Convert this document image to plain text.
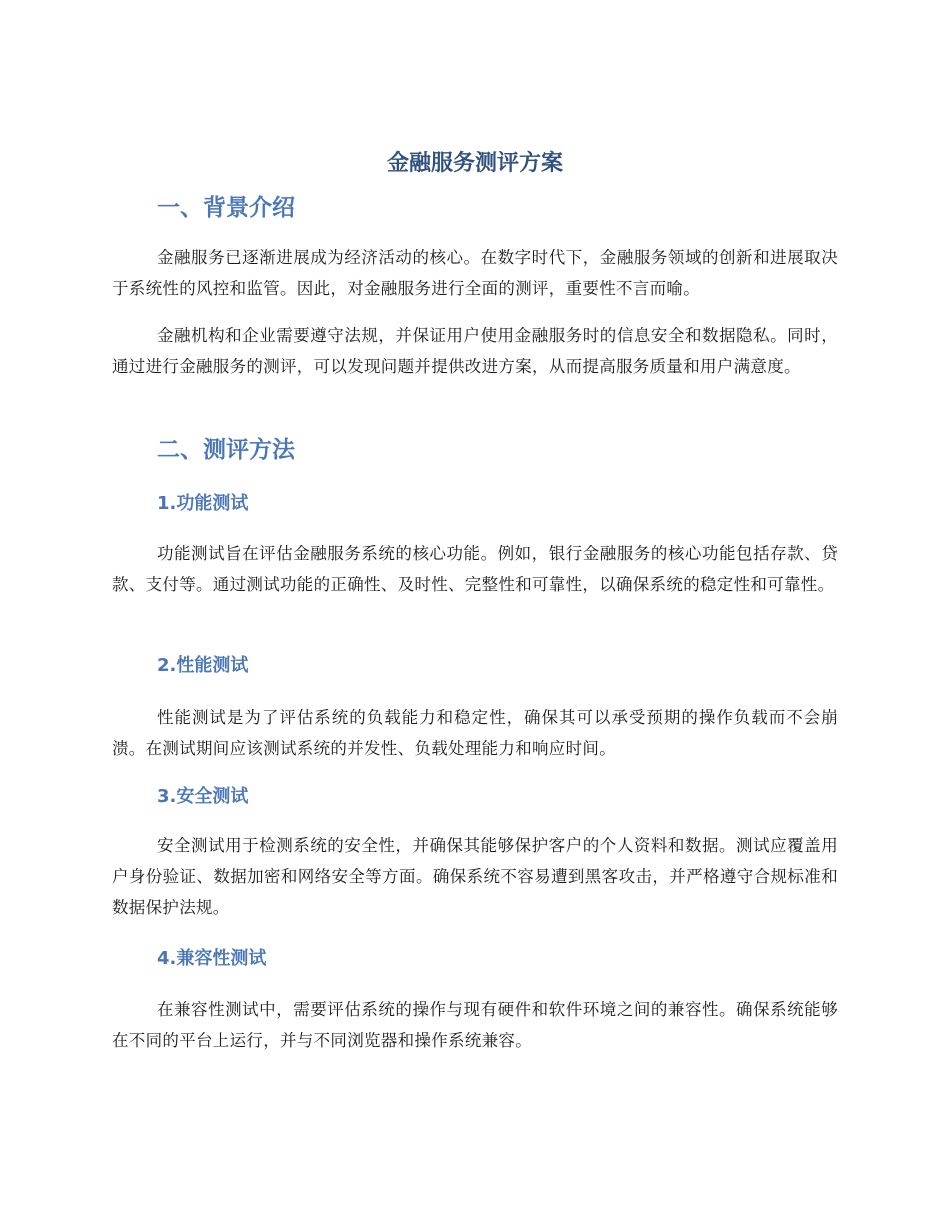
金融服务测评方案
一、背景介绍

金融服务已逐渐进展成为经济活动的核心。在数字时代下，金融服务领域的创新和进展取决于系统性的风控和监管。因此，对金融服务进行全面的测评，重要性不言而喻。

金融机构和企业需要遵守法规，并保证用户使用金融服务时的信息安全和数据隐私。同时，通过进行金融服务的测评，可以发现问题并提供改进方案，从而提高服务质量和用户满意度。

二、测评方法
1.功能测试

功能测试旨在评估金融服务系统的核心功能。例如，银行金融服务的核心功能包括存款、贷款、支付等。通过测试功能的正确性、及时性、完整性和可靠性，以确保系统的稳定性和可靠性。

2.性能测试

性能测试是为了评估系统的负载能力和稳定性，确保其可以承受预期的操作负载而不会崩溃。在测试期间应该测试系统的并发性、负载处理能力和响应时间。

3.安全测试

安全测试用于检测系统的安全性，并确保其能够保护客户的个人资料和数据。测试应覆盖用户身份验证、数据加密和网络安全等方面。确保系统不容易遭到黑客攻击，并严格遵守合规标准和数据保护法规。

4.兼容性测试

在兼容性测试中，需要评估系统的操作与现有硬件和软件环境之间的兼容性。确保系统能够在不同的平台上运行，并与不同浏览器和操作系统兼容。
